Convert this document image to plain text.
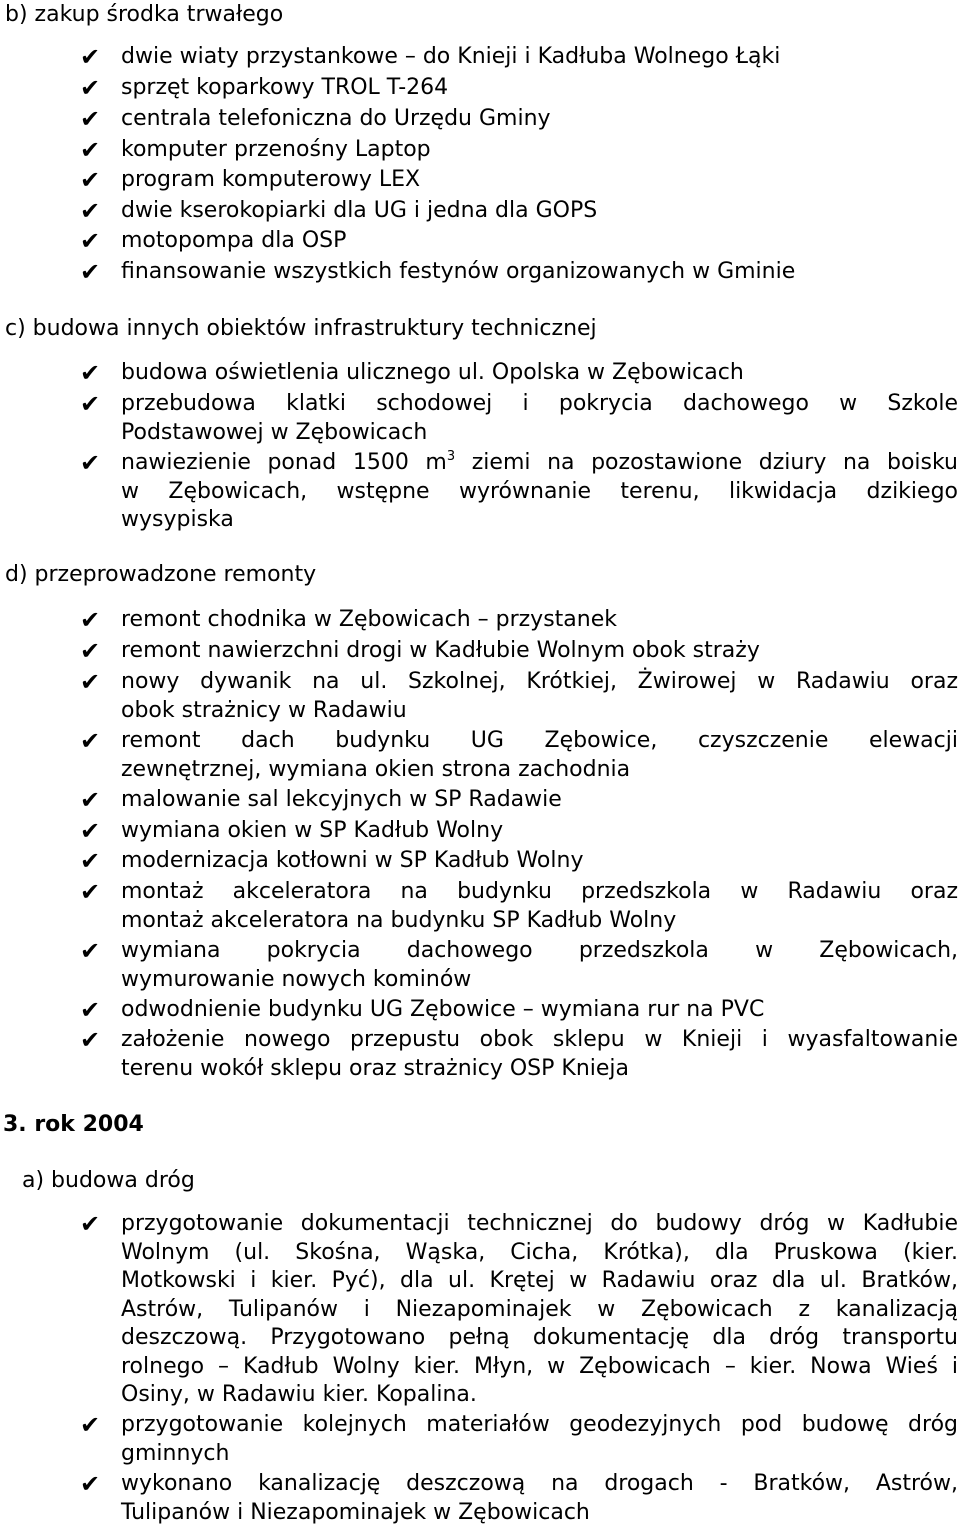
b) zakup środka trwałego
✔ dwie wiaty przystankowe – do Knieji i Kadłuba Wolnego Łąki
✔ sprzęt koparkowy TROL T-264
✔ centrala telefoniczna do Urzędu Gminy
✔ komputer przenośny Laptop
✔ program komputerowy LEX
✔ dwie kserokopiarki dla UG i jedna dla GOPS
✔ motopompa dla OSP
✔ finansowanie wszystkich festynów organizowanych w Gminie
c) budowa innych obiektów infrastruktury technicznej
✔ budowa oświetlenia ulicznego ul. Opolska w Zębowicach
✔ przebudowa klatki schodowej i pokrycia dachowego w Szkole
Podstawowej w Zębowicach
✔ nawiezienie ponad 1500 $m^3$ ziemi na pozostawione dziury na boisku
w Zębowicach, wstępne wyrównanie terenu, likwidacja dzikiego
wysypiska
d) przeprowadzone remonty
✔ remont chodnika w Zębowicach – przystanek
✔ remont nawierzchni drogi w Kadłubie Wolnym obok straży
✔ nowy dywanik na ul. Szkolnej, Krótkiej, Żwirowej w Radawiu oraz
obok strażnicy w Radawiu
✔ remont dach budynku UG Zębowice, czyszczenie elewacji
zewnętrznej, wymiana okien strona zachodnia
✔ malowanie sal lekcyjnych w SP Radawie
✔ wymiana okien w SP Kadłub Wolny
✔ modernizacja kotłowni w SP Kadłub Wolny
✔ montaż akceleratora na budynku przedszkola w Radawiu oraz
montaż akceleratora na budynku SP Kadłub Wolny
✔ wymiana pokrycia dachowego przedszkola w Zębowicach,
wymurowanie nowych kominów
✔ odwodnienie budynku UG Zębowice – wymiana rur na PVC
✔ założenie nowego przepustu obok sklepu w Knieji i wyasfaltowanie
terenu wokół sklepu oraz strażnicy OSP Knieja
3. rok 2004
a) budowa dróg
✔ przygotowanie dokumentacji technicznej do budowy dróg w Kadłubie
Wolnym (ul. Skośna, Wąska, Cicha, Krótka), dla Pruskowa (kier.
Motkowski i kier. Pyć), dla ul. Krętej w Radawiu oraz dla ul. Bratków,
Astrów, Tulipanów i Niezapominajek w Zębowicach z kanalizacją
deszczową. Przygotowano pełną dokumentację dla dróg transportu
rolnego – Kadłub Wolny kier. Młyn, w Zębowicach – kier. Nowa Wieś i
Osiny, w Radawiu kier. Kopalina.
✔ przygotowanie kolejnych materiałów geodezyjnych pod budowę dróg
gminnych
✔ wykonano kanalizację deszczową na drogach - Bratków, Astrów,
Tulipanów i Niezapominajek w Zębowicach
